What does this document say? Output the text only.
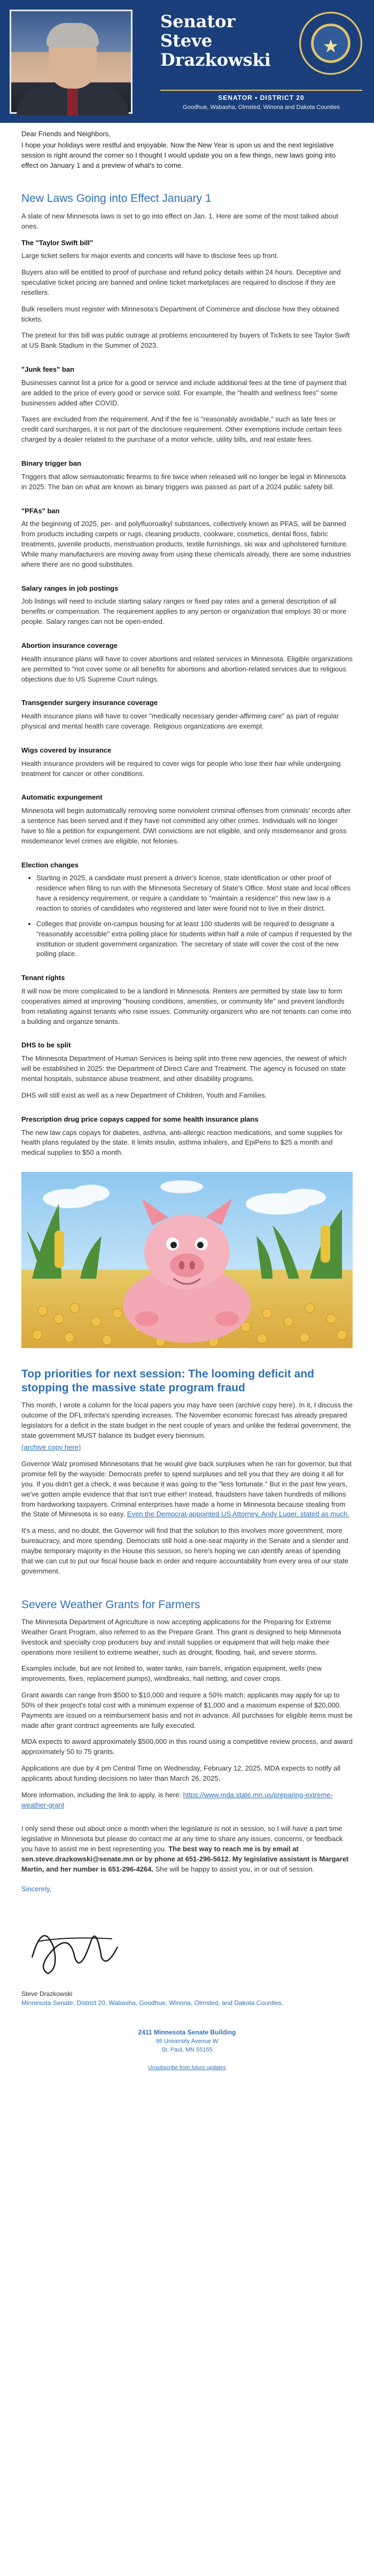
Senator
Steve
Drazkowski
★
SENATOR • DISTRICT 20
Goodhue, Wabasha, Olmsted, Winona and Dakota Counties

Dear Friends and Neighbors,

I hope your holidays were restful and enjoyable. Now the New Year is upon us and the next legislative session is right around the corner so I thought I would update you on a few things, new laws going into effect on January 1 and a preview of what's to come.

New Laws Going into Effect January 1

A slate of new Minnesota laws is set to go into effect on Jan. 1. Here are some of the most talked about ones.

The "Taylor Swift bill"

Large ticket sellers for major events and concerts will have to disclose fees up front.

Buyers also will be entitled to proof of purchase and refund policy details within 24 hours. Deceptive and speculative ticket pricing are banned and online ticket marketplaces are required to disclose if they are resellers.

Bulk resellers must register with Minnesota's Department of Commerce and disclose how they obtained tickets.

The pretext for this bill was public outrage at problems encountered by buyers of Tickets to see Taylor Swift at US Bank Stadium in the Summer of 2023.

"Junk fees" ban

Businesses cannot list a price for a good or service and include additional fees at the time of payment that are added to the price of every good or service sold. For example, the "health and wellness fees" some businesses added after COVID.

Taxes are excluded from the requirement. And if the fee is "reasonably avoidable," such as late fees or credit card surcharges, it is not part of the disclosure requirement. Other exemptions include certain fees charged by a dealer related to the purchase of a motor vehicle, utility bills, and real estate fees.

Binary trigger ban

Triggers that allow semiautomatic firearms to fire twice when released will no longer be legal in Minnesota in 2025. The ban on what are known as binary triggers was passed as part of a 2024 public safety bill.

"PFAs" ban

At the beginning of 2025, per- and polyfluoroalkyl substances, collectively known as PFAS, will be banned from products including carpets or rugs, cleaning products, cookware, cosmetics, dental floss, fabric treatments, juvenile products, menstruation products, textile furnishings, ski wax and upholstered furniture. While many manufacturers are moving away from using these chemicals already, there are some industries where there are no good substitutes.

Salary ranges in job postings

Job listings will need to include starting salary ranges or fixed pay rates and a general description of all benefits or compensation. The requirement applies to any person or organization that employs 30 or more people. Salary ranges can not be open-ended.

Abortion insurance coverage

Health insurance plans will have to cover abortions and related services in Minnesota. Eligible organizations are permitted to "not cover some or all benefits for abortions and abortion-related services due to religious objections due to US Supreme Court rulings.

Transgender surgery insurance coverage

Health insurance plans will have to cover "medically necessary gender-affirming care" as part of regular physical and mental health care coverage. Religious organizations are exempt.

Wigs covered by insurance

Health insurance providers will be required to cover wigs for people who lose their hair while undergoing treatment for cancer or other conditions.

Automatic expungement

Minnesota will begin automatically removing some nonviolent criminal offenses from criminals' records after a sentence has been served and if they have not committed any other crimes. Individuals will no longer have to file a petition for expungement. DWI convictions are not eligible, and only misdemeanor and gross misdemeanor level crimes are eligible, not felonies.

Election changes
• Starting in 2025, a candidate must present a driver's license, state identification or other proof of residence when filing to run with the Minnesota Secretary of State's Office. Most state and local offices have a residency requirement, or require a candidate to "maintain a residence" this new law is a reaction to stories of candidates who registered and later were found not to live in their district.
• Colleges that provide on-campus housing for at least 100 students will be required to designate a "reasonably accessible" extra polling place for students within half a mile of campus if requested by the institution or student government organization. The secretary of state will cover the cost of the new polling place.
Tenant rights

It will now be more complicated to be a landlord in Minnesota. Renters are permitted by state law to form cooperatives aimed at improving "housing conditions, amenities, or community life" and prevent landlords from retaliating against tenants who raise issues. Community organizers who are not tenants can come into a building and organize tenants.

DHS to be split

The Minnesota Department of Human Services is being split into three new agencies, the newest of which will be established in 2025: the Department of Direct Care and Treatment. The agency is focused on state mental hospitals, substance abuse treatment, and other disability programs.

DHS will still exist as well as a new Department of Children, Youth and Families.

Prescription drug price copays capped for some health insurance plans

The new law caps copays for diabetes, asthma, anti-allergic reaction medications, and some supplies for health plans regulated by the state. It limits insulin, asthma inhalers, and EpiPens to $25 a month and medical supplies to $50 a month.

Top priorities for next session: The looming deficit and stopping the massive state program fraud

This month, I wrote a column for the local papers you may have seen (archive copy here). In it, I discuss the outcome of the DFL trifecta's spending increases. The November economic forecast has already prepared legislators for a deficit in the state budget in the next couple of years and unlike the federal government, the state government MUST balance its budget every biennium.

(archive copy here)

Governor Walz promised Minnesotans that he would give back surpluses when he ran for governor, but that promise fell by the wayside: Democrats prefer to spend surpluses and tell you that they are doing it all for you. If you didn't get a check, it was because it was going to the "less fortunate." But in the past few years, we've gotten ample evidence that that isn't true either! Instead, fraudsters have taken hundreds of millions from hardworking taxpayers. Criminal enterprises have made a home in Minnesota because stealing from the State of Minnesota is so easy. Even the Democrat-appointed US Attorney, Andy Luger, stated as much.

It's a mess, and no doubt, the Governor will find that the solution to this involves more government, more bureaucracy, and more spending. Democrats still hold a one-seat majority in the Senate and a slender and maybe temporary majority in the House this session, so here's hoping we can identify areas of spending that we can cut to put our fiscal house back in order and require accountability from every area of our state government.

Severe Weather Grants for Farmers

The Minnesota Department of Agriculture is now accepting applications for the Preparing for Extreme Weather Grant Program, also referred to as the Prepare Grant. This grant is designed to help Minnesota livestock and specialty crop producers buy and install supplies or equipment that will help make their operations more resilient to extreme weather, such as drought, flooding, hail, and severe storms.

Examples include, but are not limited to, water tanks, rain barrels, irrigation equipment, wells (new improvements, fixes, replacement pumps), windbreaks, hail netting, and cover crops.

Grant awards can range from $500 to $10,000 and require a 50% match; applicants may apply for up to 50% of their project's total cost with a minimum expense of $1,000 and a maximum expense of $20,000. Payments are issued on a reimbursement basis and not in advance. All purchases for eligible items must be made after grant contract agreements are fully executed.

MDA expects to award approximately $500,000 in this round using a competitive review process, and award approximately 50 to 75 grants.

Applications are due by 4 pm Central Time on Wednesday, February 12, 2025. MDA expects to notify all applicants about funding decisions no later than March 26, 2025.

More information, including the link to apply, is here: https://www.mda.state.mn.us/preparing-extreme-weather-grant

I only send these out about once a month when the legislature is not in session, so I will have a part time legislative in Minnesota but please do contact me at any time to share any issues, concerns, or feedback you have to assist me in best representing you. The best way to reach me is by email at sen.steve.drazkowski@senate.mn or by phone at 651-296-5612. My legislative assistant is Margaret Martin, and her number is 651-296-4264. She will be happy to assist you, in or out of session.

Sincerely,

Steve Drazkowski
Minnesota Senate, District 20, Wabasha, Goodhue, Winona, Olmsted, and Dakota Counties.
2411 Minnesota Senate Building
95 University Avenue W
St. Paul, MN 55155
Unsubscribe from future updates
